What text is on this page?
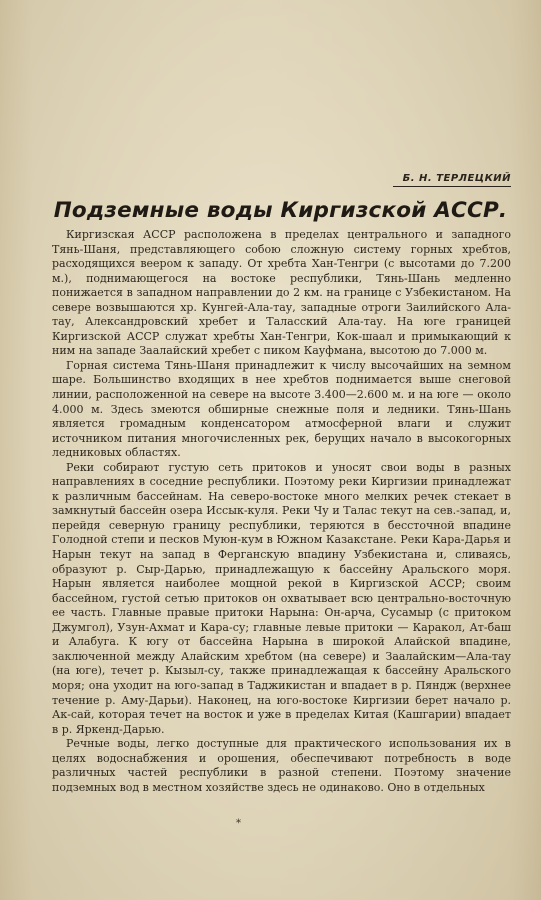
Б. Н. ТЕРЛЕЦКИЙ
Подземные воды Киргизской АССР.

Киргизская АССР расположена в пределах центрального и западного Тянь-Шаня, представляющего собою сложную систему горных хребтов, расходящихся веером к западу. От хребта Хан-Тенгри (с высотами до 7.200 м.), поднимающегося на востоке республики, Тянь-Шань медленно понижается в западном направлении до 2 км. на границе с Узбекистаном. На севере возвышаются хр. Кунгей-Ала-тау, западные отроги Заилийского Ала-тау, Александровский хребет и Таласский Ала-тау. На юге границей Киргизской АССР служат хребты Хан-Тенгри, Кок-шаал и примыкающий к ним на западе Заалайский хребет с пиком Кауфмана, высотою до 7.000 м.

Горная система Тянь-Шаня принадлежит к числу высочайших на земном шаре. Большинство входящих в нее хребтов поднимается выше снеговой линии, расположенной на севере на высоте 3.400—2.600 м. и на юге — около 4.000 м. Здесь змеются обширные снежные поля и ледники. Тянь-Шань является громадным конденсатором атмосферной влаги и служит источником питания многочисленных рек, берущих начало в высокогорных ледниковых областях.

Реки собирают густую сеть притоков и уносят свои воды в разных направлениях в соседние республики. Поэтому реки Киргизии принадлежат к различным бассейнам. На северо-востоке много мелких речек стекает в замкнутый бассейн озера Иссык-куля. Реки Чу и Талас текут на сев.-запад, и, перейдя северную границу республики, теряются в бессточной впадине Голодной степи и песков Муюн-кум в Южном Казакстане. Реки Кара-Дарья и Нарын текут на запад в Ферганскую впадину Узбекистана и, сливаясь, образуют р. Сыр-Дарью, принадлежащую к бассейну Аральского моря. Нарын является наиболее мощной рекой в Киргизской АССР; своим бассейном, густой сетью притоков он охватывает всю центрально-восточную ее часть. Главные правые притоки Нарына: Он-арча, Сусамыр (с притоком Джумгол), Узун-Ахмат и Кара-су; главные левые притоки — Каракол, Ат-баш и Алабуга. К югу от бассейна Нарына в широкой Алайской впадине, заключенной между Алайским хребтом (на севере) и Заалайским—Ала-тау (на юге), течет р. Кызыл-су, также принадлежащая к бассейну Аральского моря; она уходит на юго-запад в Таджикистан и впадает в р. Пяндж (верхнее течение р. Аму-Дарьи). Наконец, на юго-востоке Киргизии берет начало р. Ак-сай, которая течет на восток и уже в пределах Китая (Кашгарии) впадает в р. Яркенд-Дарью.

Речные воды, легко доступные для практического использования их в целях водоснабжения и орошения, обеспечивают потребность в воде различных частей республики в разной степени. Поэтому значение подземных вод в местном хозяйстве здесь не одинаково. Оно в отдельных

*
